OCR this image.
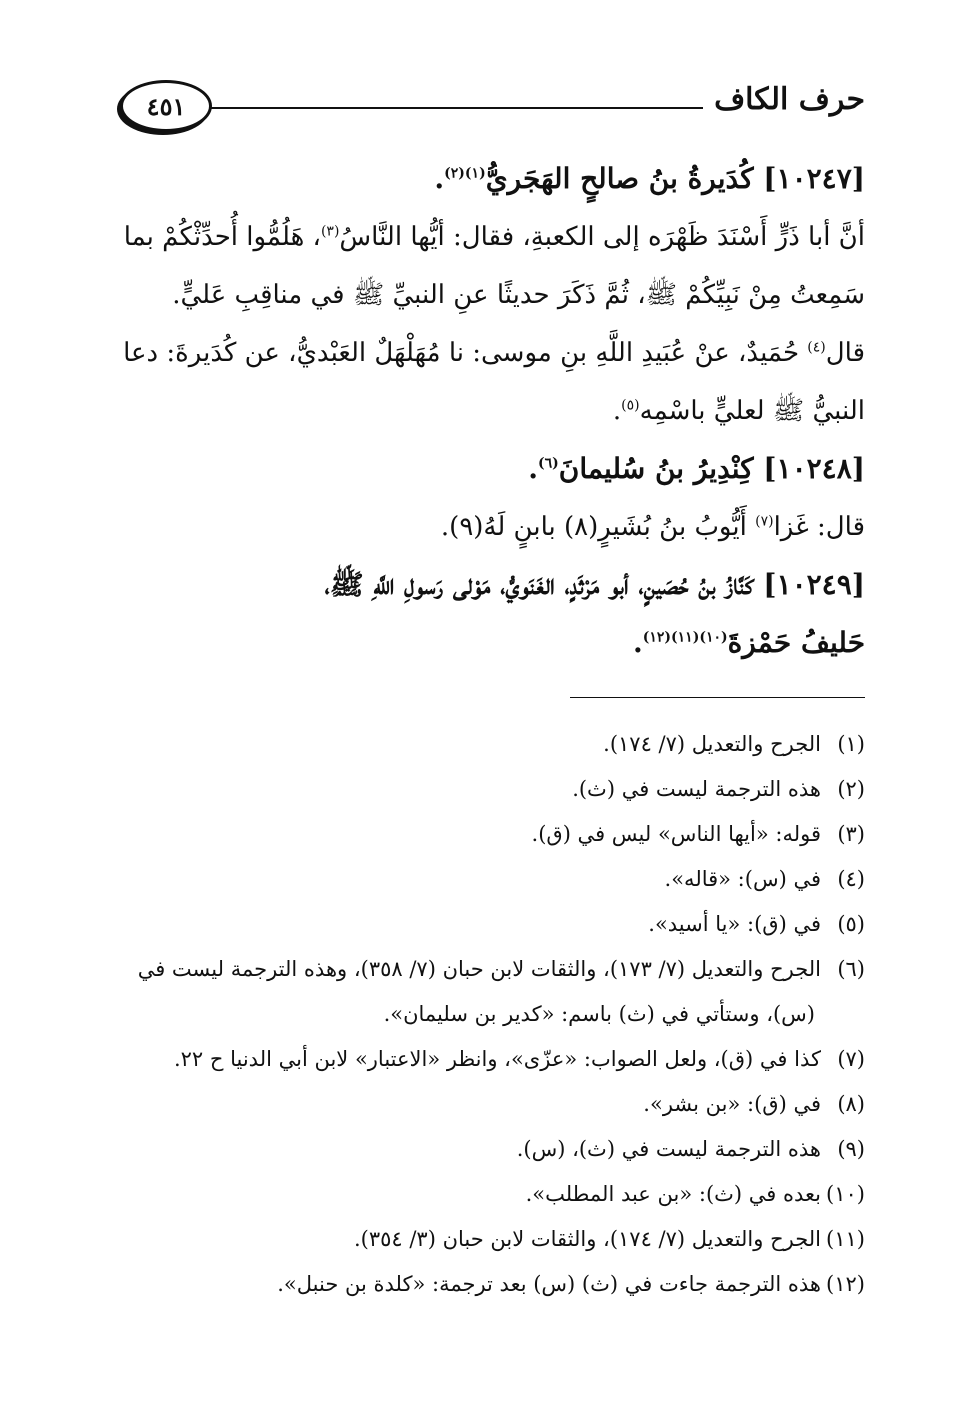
حرف الكاف
٤٥١
[١٠٢٤٧] كُدَيرةُ بنُ صالحٍ الهَجَريُّ$^{(١)(٢)}$.
أنَّ أبا ذَرٍّ أَسْنَدَ ظَهْرَه إلى الكعبةِ، فقال: أيُّها النَّاسُ$^{(٣)}$، هَلُمُّوا أُحدِّثْكُمْ بما
سَمِعتُ مِنْ نَبِيِّكُمْ ﷺ، ثُمَّ ذَكَرَ حديثًا عنِ النبيِّ ﷺ في مناقِبِ عَليٍّ.
قال$^{(٤)}$ حُمَيدٌ، عنْ عُبَيدِ اللَّهِ بنِ موسى: نا مُهَلْهَلٌ العَبْديُّ، عن كُدَيرةَ: دعا
النبيُّ ﷺ لعليٍّ باسْمِه$^{(٥)}$.
[١٠٢٤٨] كِنْدِيرُ بنُ سُليمانَ$^{(٦)}$.
قال: غَزا$^{(٧)}$ أَيُّوبُ بنُ بُشَيرٍ(٨) بابنٍ لَهُ(٩).
[١٠٢٤٩] كَنَّازُ بنُ حُصَينٍ، أبو مَرْثَدٍ، الغَنَويُّ، مَوْلى رَسولِ اللَّهِ ﷺ،
حَليفُ حَمْزةَ$^{(١٠)(١١)(١٢)}$.
(١)الجرح والتعديل (٧/ ١٧٤).
(٢)هذه الترجمة ليست في (ث).
(٣)قوله: «أيها الناس» ليس في (ق).
(٤)في (س): «قاله».
(٥)في (ق): «يا أسيد».
(٦)الجرح والتعديل (٧/ ١٧٣)، والثقات لابن حبان (٧/ ٣٥٨)، وهذه الترجمة ليست في
(س)، وستأتي في (ث) باسم: «كدير بن سليمان».
(٧)كذا في (ق)، ولعل الصواب: «عزّى»، وانظر «الاعتبار» لابن أبي الدنيا ح ٢٢.
(٨)في (ق): «بن بشر».
(٩)هذه الترجمة ليست في (ث)، (س).
(١٠)بعده في (ث): «بن عبد المطلب».
(١١)الجرح والتعديل (٧/ ١٧٤)، والثقات لابن حبان (٣/ ٣٥٤).
(١٢)هذه الترجمة جاءت في (ث) (س) بعد ترجمة: «كلدة بن حنبل».
